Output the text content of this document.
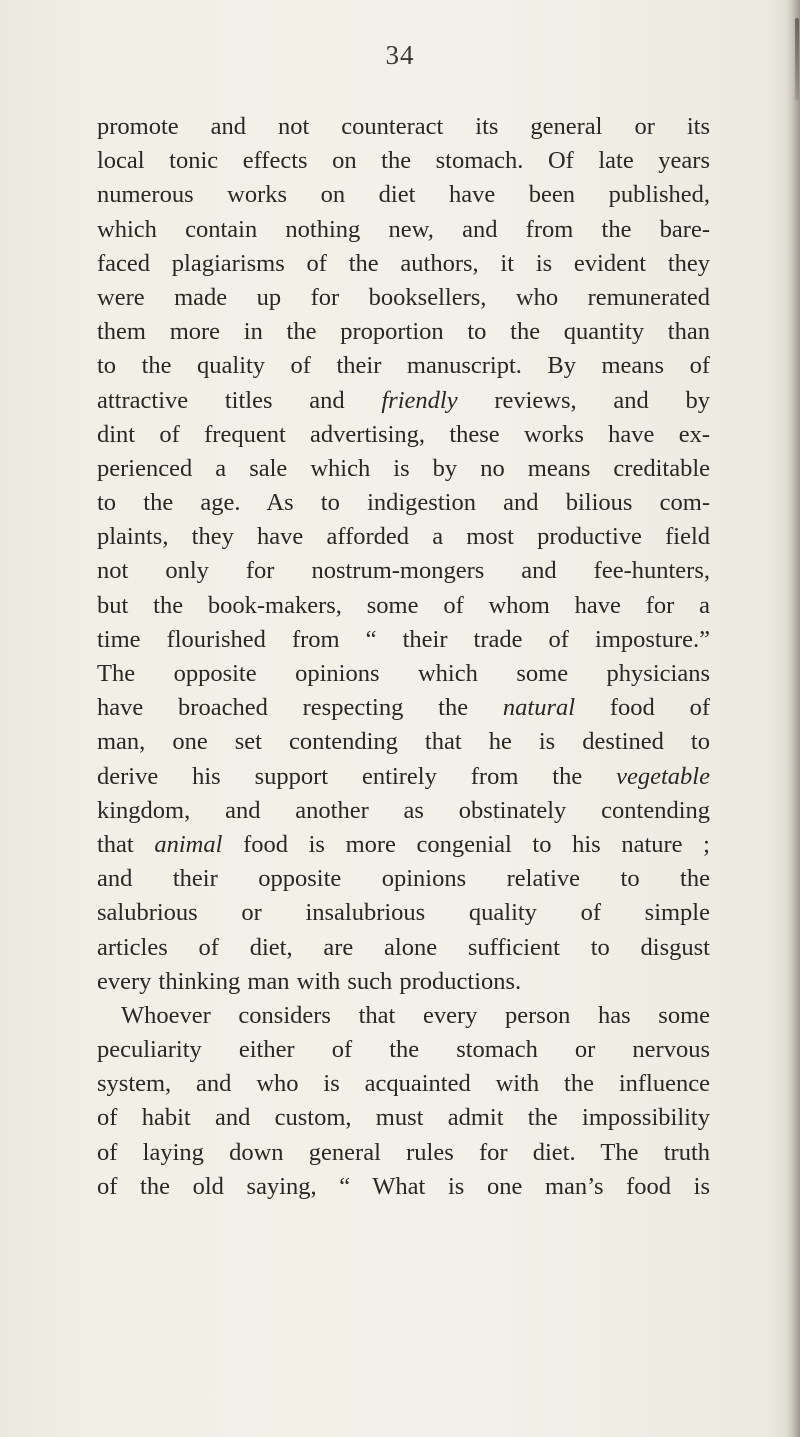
34
promote and not counteract its general or its
local tonic effects on the stomach. Of late years
numerous works on diet have been published,
which contain nothing new, and from the bare-
faced plagiarisms of the authors, it is evident they
were made up for booksellers, who remunerated
them more in the proportion to the quantity than
to the quality of their manuscript. By means of
attractive titles and friendly reviews, and by
dint of frequent advertising, these works have ex-
perienced a sale which is by no means creditable
to the age. As to indigestion and bilious com-
plaints, they have afforded a most productive field
not only for nostrum-mongers and fee-hunters,
but the book-makers, some of whom have for a
time flourished from “ their trade of imposture.”
The opposite opinions which some physicians
have broached respecting the natural food of
man, one set contending that he is destined to
derive his support entirely from the vegetable
kingdom, and another as obstinately contending
that animal food is more congenial to his nature ;
and their opposite opinions relative to the
salubrious or insalubrious quality of simple
articles of diet, are alone sufficient to disgust
every thinking man with such productions.
Whoever considers that every person has some
peculiarity either of the stomach or nervous
system, and who is acquainted with the influence
of habit and custom, must admit the impossibility
of laying down general rules for diet. The truth
of the old saying, “ What is one man’s food is
